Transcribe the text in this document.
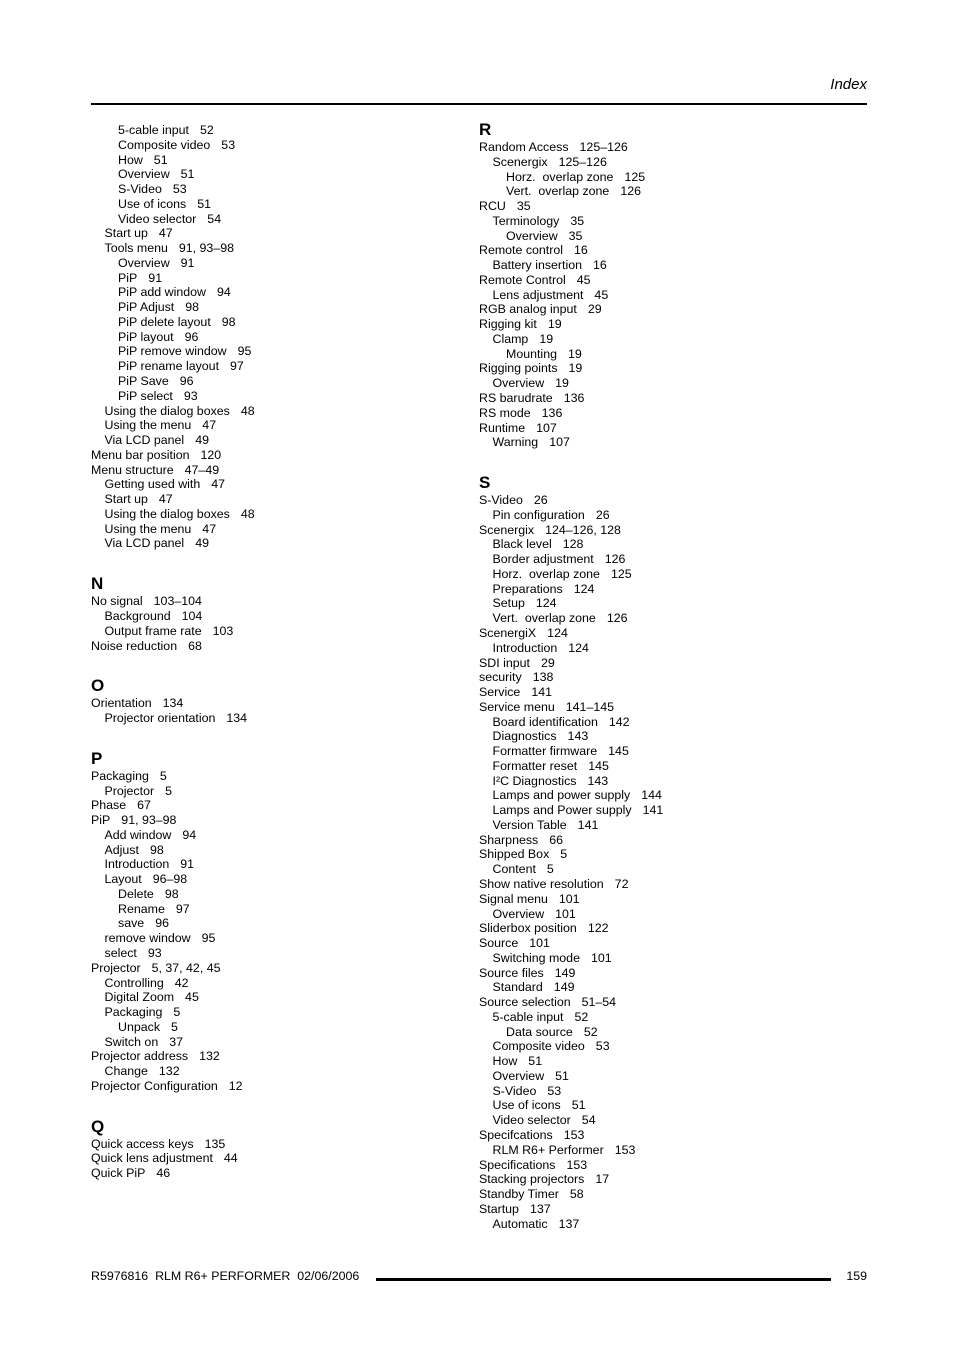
Index
5-cable input 52
Composite video 53
How 51
Overview 51
S-Video 53
Use of icons 51
Video selector 54
Start up 47
Tools menu 91, 93–98
Overview 91
PiP 91
PiP add window 94
PiP Adjust 98
PiP delete layout 98
PiP layout 96
PiP remove window 95
PiP rename layout 97
PiP Save 96
PiP select 93
Using the dialog boxes 48
Using the menu 47
Via LCD panel 49
Menu bar position 120
Menu structure 47–49
Getting used with 47
Start up 47
Using the dialog boxes 48
Using the menu 47
Via LCD panel 49
N
No signal 103–104
Background 104
Output frame rate 103
Noise reduction 68
O
Orientation 134
Projector orientation 134
P
Packaging 5
Projector 5
Phase 67
PiP 91, 93–98
Add window 94
Adjust 98
Introduction 91
Layout 96–98
Delete 98
Rename 97
save 96
remove window 95
select 93
Projector 5, 37, 42, 45
Controlling 42
Digital Zoom 45
Packaging 5
Unpack 5
Switch on 37
Projector address 132
Change 132
Projector Configuration 12
Q
Quick access keys 135
Quick lens adjustment 44
Quick PiP 46
R
Random Access 125–126
Scenergix 125–126
Horz.  overlap zone 125
Vert.  overlap zone 126
RCU 35
Terminology 35
Overview 35
Remote control 16
Battery insertion 16
Remote Control 45
Lens adjustment 45
RGB analog input 29
Rigging kit 19
Clamp 19
Mounting 19
Rigging points 19
Overview 19
RS barudrate 136
RS mode 136
Runtime 107
Warning 107
S
S-Video 26
Pin configuration 26
Scenergix 124–126, 128
Black level 128
Border adjustment 126
Horz.  overlap zone 125
Preparations 124
Setup 124
Vert.  overlap zone 126
ScenergiX 124
Introduction 124
SDI input 29
security 138
Service 141
Service menu 141–145
Board identification 142
Diagnostics 143
Formatter firmware 145
Formatter reset 145
I²C Diagnostics 143
Lamps and power supply 144
Lamps and Power supply 141
Version Table 141
Sharpness 66
Shipped Box 5
Content 5
Show native resolution 72
Signal menu 101
Overview 101
Sliderbox position 122
Source 101
Switching mode 101
Source files 149
Standard 149
Source selection 51–54
5-cable input 52
Data source 52
Composite video 53
How 51
Overview 51
S-Video 53
Use of icons 51
Video selector 54
Specifcations 153
RLM R6+ Performer 153
Specifications 153
Stacking projectors 17
Standby Timer 58
Startup 137
Automatic 137
R5976816  RLM R6+ PERFORMER  02/06/2006	159
